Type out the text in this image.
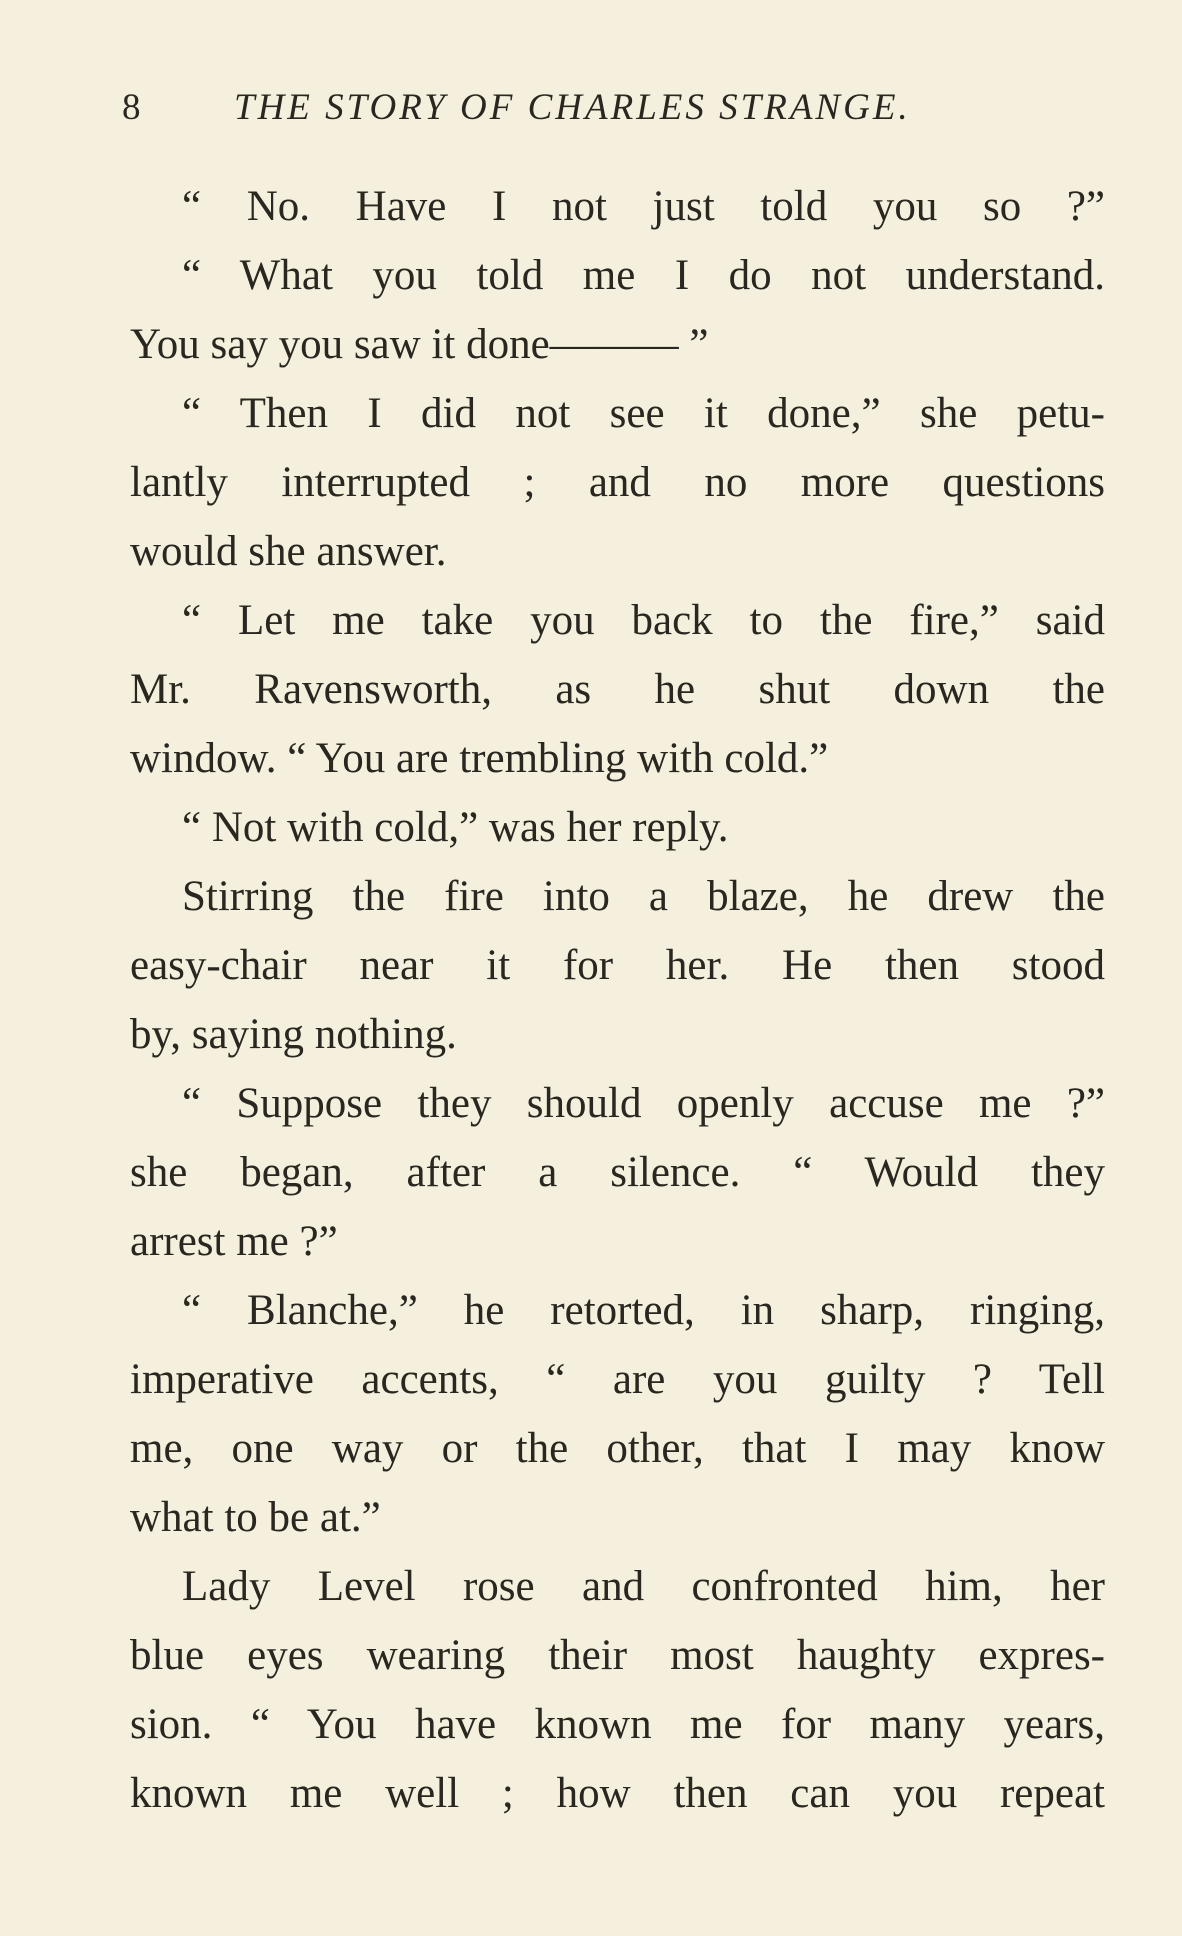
8 THE STORY OF CHARLES STRANGE.
“ No. Have I not just told you so ?”
“ What you told me I do not understand.
You say you saw it done——— ”
“ Then I did not see it done,” she petu-
lantly interrupted ; and no more questions
would she answer.
“ Let me take you back to the fire,” said
Mr. Ravensworth, as he shut down the
window. “ You are trembling with cold.”
“ Not with cold,” was her reply.
Stirring the fire into a blaze, he drew the
easy-chair near it for her. He then stood
by, saying nothing.
“ Suppose they should openly accuse me ?”
she began, after a silence. “ Would they
arrest me ?”
“ Blanche,” he retorted, in sharp, ringing,
imperative accents, “ are you guilty ? Tell
me, one way or the other, that I may know
what to be at.”
Lady Level rose and confronted him, her
blue eyes wearing their most haughty expres-
sion. “ You have known me for many years,
known me well ; how then can you repeat
